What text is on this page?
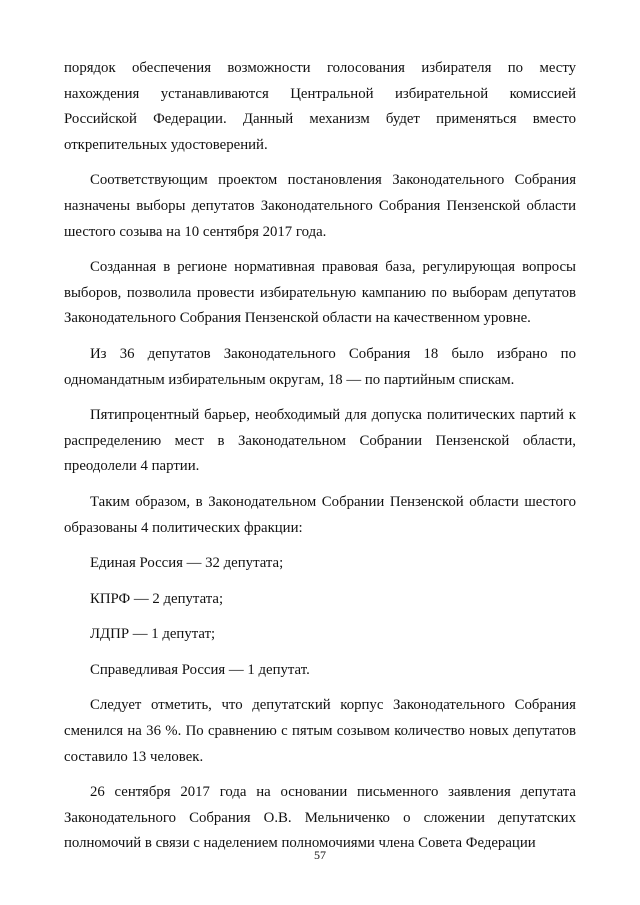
порядок обеспечения возможности голосования избирателя по месту нахождения устанавливаются Центральной избирательной комиссией Российской Федерации. Данный механизм будет применяться вместо открепительных удостоверений.

Соответствующим проектом постановления Законодательного Собрания назначены выборы депутатов Законодательного Собрания Пензенской области шестого созыва на 10 сентября 2017 года.

Созданная в регионе нормативная правовая база, регулирующая вопросы выборов, позволила провести избирательную кампанию по выборам депутатов Законодательного Собрания Пензенской области на качественном уровне.

Из 36 депутатов Законодательного Собрания 18 было избрано по одномандатным избирательным округам, 18 — по партийным спискам.

Пятипроцентный барьер, необходимый для допуска политических партий к распределению мест в Законодательном Собрании Пензенской области, преодолели 4 партии.

Таким образом, в Законодательном Собрании Пензенской области шестого образованы 4 политических фракции:

Единая Россия — 32 депутата;

КПРФ — 2 депутата;

ЛДПР — 1 депутат;

Справедливая Россия — 1 депутат.

Следует отметить, что депутатский корпус Законодательного Собрания сменился на 36 %. По сравнению с пятым созывом количество новых депутатов составило 13 человек.

26 сентября 2017 года на основании письменного заявления депутата Законодательного Собрания О.В. Мельниченко о сложении депутатских полномочий в связи с наделением полномочиями члена Совета Федерации

57
